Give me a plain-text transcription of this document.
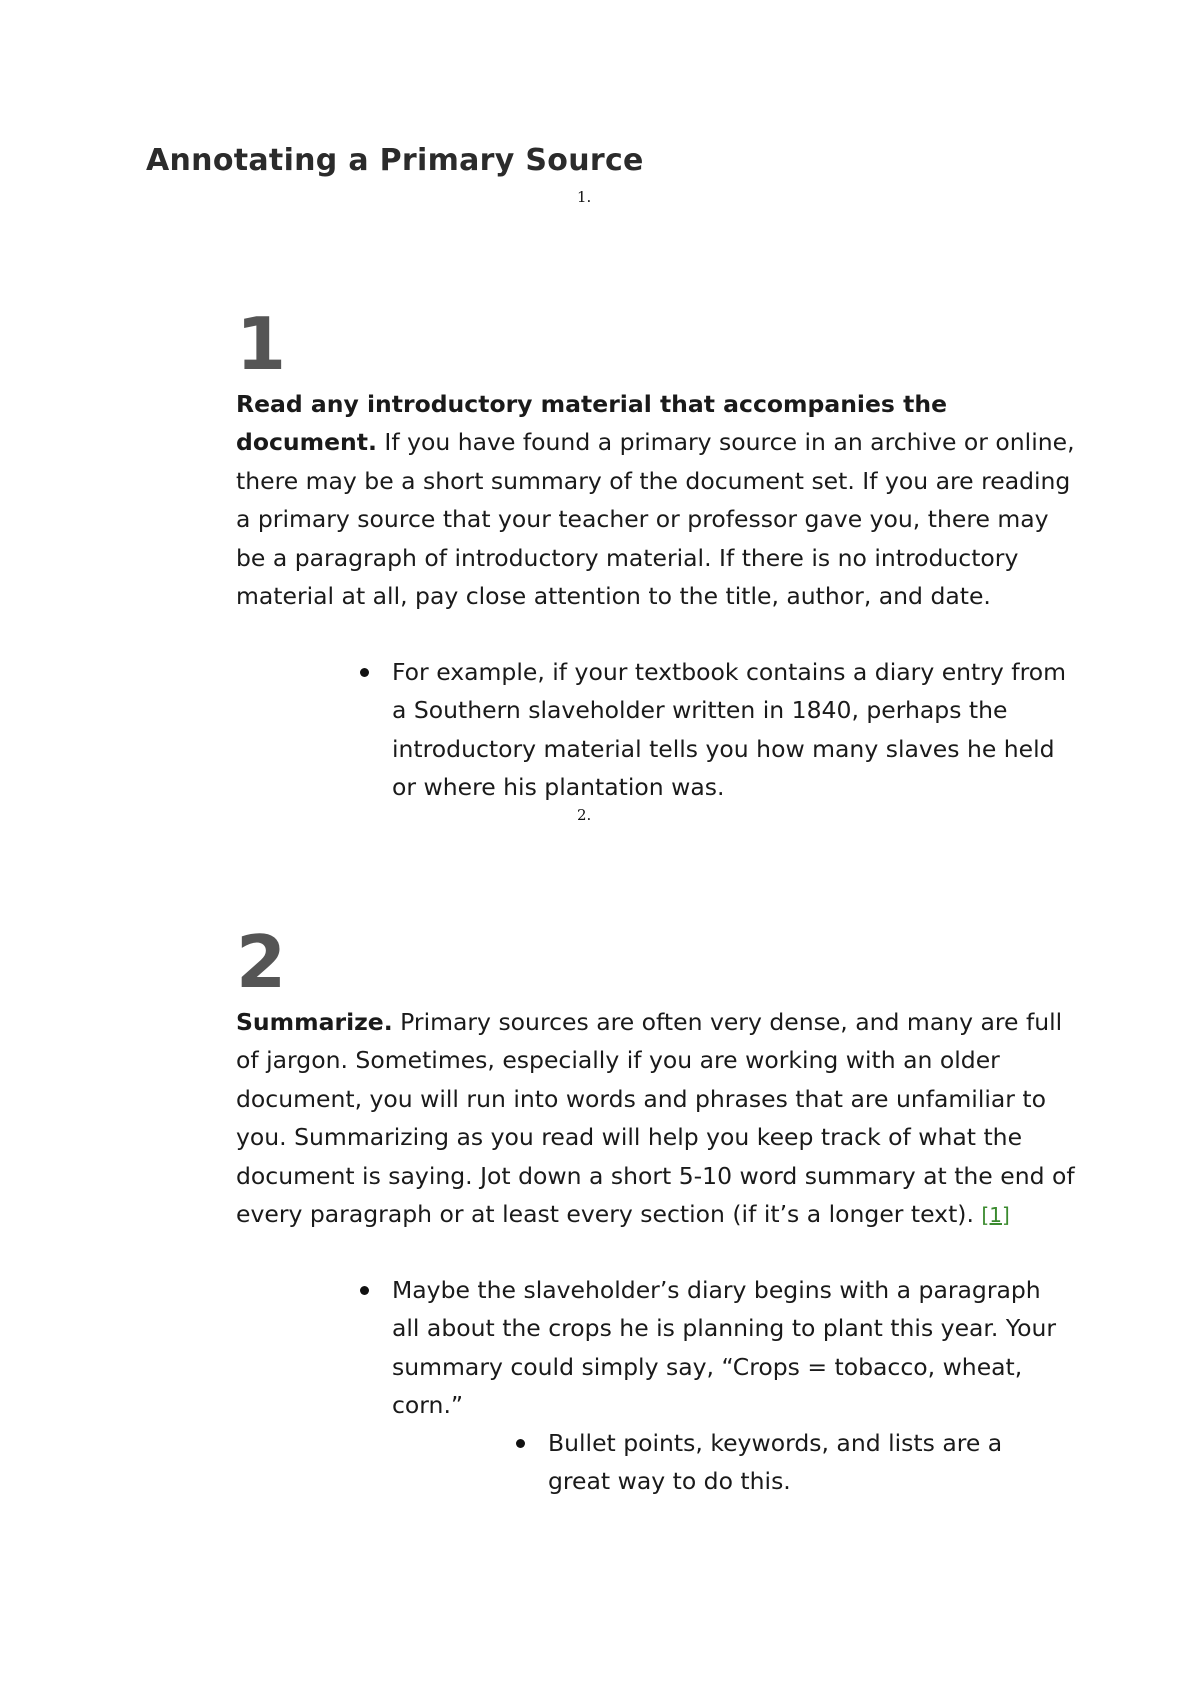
Annotating a Primary Source
1.
1

Read any introductory material that accompanies the document. If you have found a primary source in an archive or online, there may be a short summary of the document set. If you are reading a primary source that your teacher or professor gave you, there may be a paragraph of introductory material. If there is no introductory material at all, pay close attention to the title, author, and date.

For example, if your textbook contains a diary entry from a Southern slaveholder written in 1840, perhaps the introductory material tells you how many slaves he held or where his plantation was.
2.
2

Summarize. Primary sources are often very dense, and many are full of jargon. Sometimes, especially if you are working with an older document, you will run into words and phrases that are unfamiliar to you. Summarizing as you read will help you keep track of what the document is saying. Jot down a short 5-10 word summary at the end of every paragraph or at least every section (if it’s a longer text). [1]

Maybe the slaveholder’s diary begins with a paragraph all about the crops he is planning to plant this year. Your summary could simply say, “Crops = tobacco, wheat, corn.”
Bullet points, keywords, and lists are a great way to do this.
